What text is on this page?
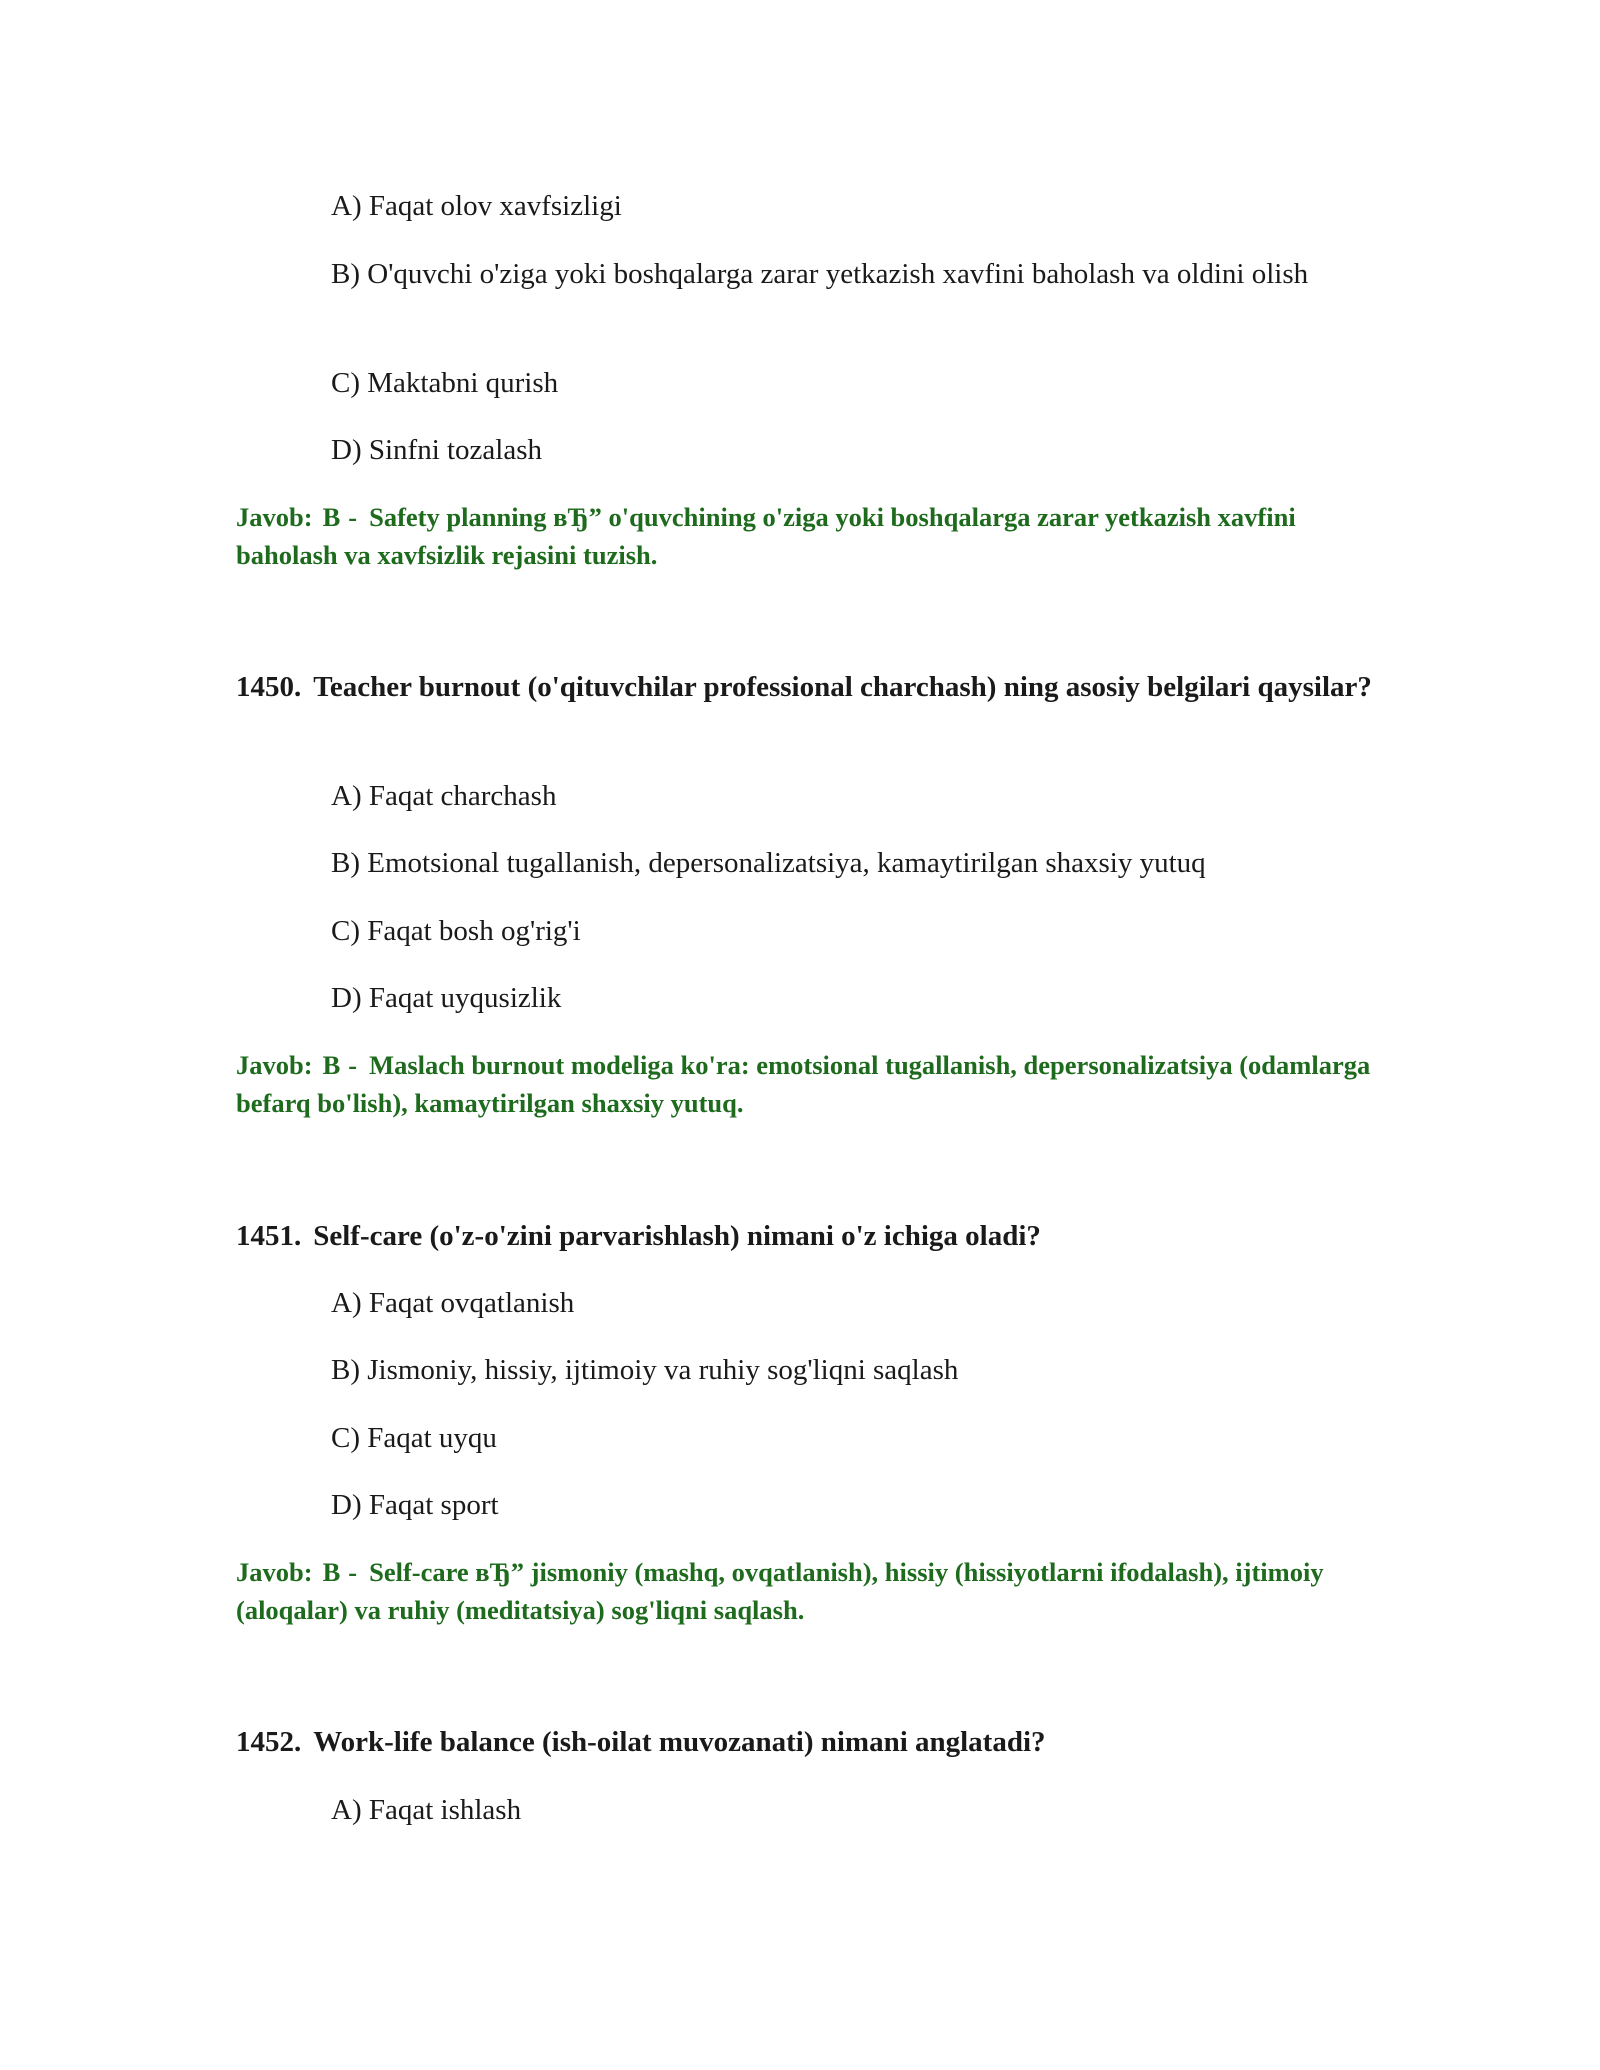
A) Faqat olov xavfsizligi

B) O'quvchi o'ziga yoki boshqalarga zarar yetkazish xavfini baholash va oldini olish

C) Maktabni qurish

D) Sinfni tozalash

Javob: B - Safety planning вЂ” o'quvchining o'ziga yoki boshqalarga zarar yetkazish xavfini baholash va xavfsizlik rejasini tuzish.

1450. Teacher burnout (o'qituvchilar professional charchash) ning asosiy belgilari qaysilar?

A) Faqat charchash

B) Emotsional tugallanish, depersonalizatsiya, kamaytirilgan shaxsiy yutuq

C) Faqat bosh og'rig'i

D) Faqat uyqusizlik

Javob: B - Maslach burnout modeliga ko'ra: emotsional tugallanish, depersonalizatsiya (odamlarga befarq bo'lish), kamaytirilgan shaxsiy yutuq.

1451. Self-care (o'z-o'zini parvarishlash) nimani o'z ichiga oladi?

A) Faqat ovqatlanish

B) Jismoniy, hissiy, ijtimoiy va ruhiy sog'liqni saqlash

C) Faqat uyqu

D) Faqat sport

Javob: B - Self-care вЂ” jismoniy (mashq, ovqatlanish), hissiy (hissiyotlarni ifodalash), ijtimoiy (aloqalar) va ruhiy (meditatsiya) sog'liqni saqlash.

1452. Work-life balance (ish-oilat muvozanati) nimani anglatadi?

A) Faqat ishlash
